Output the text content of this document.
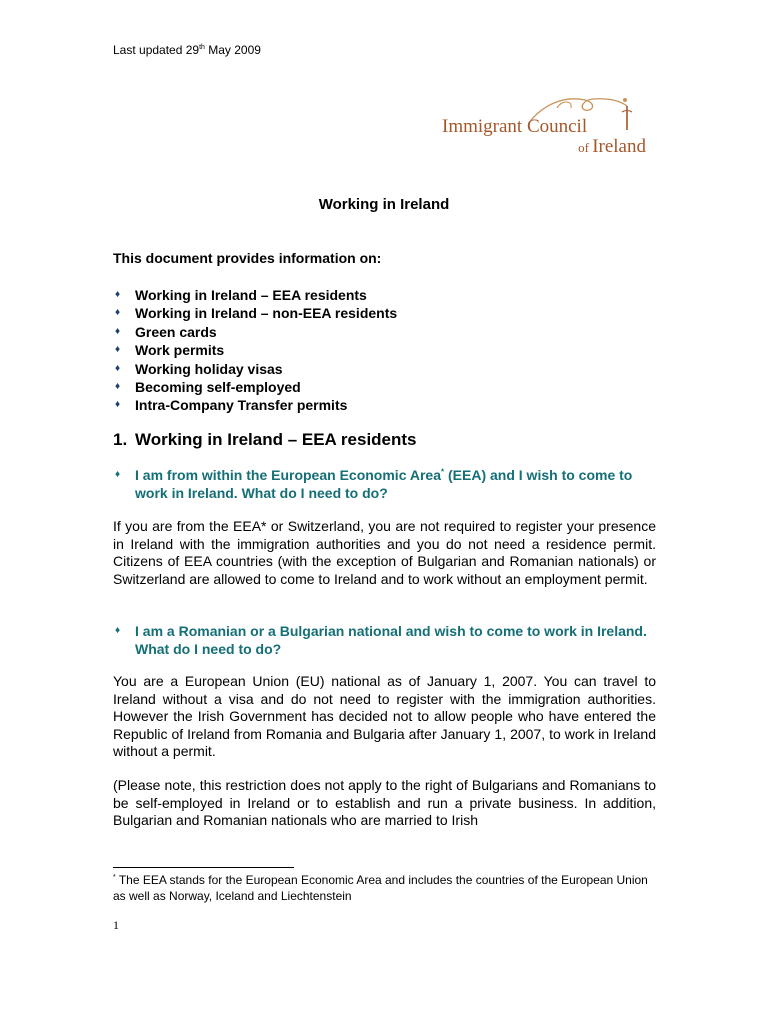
Last updated 29th May 2009
Immigrant Council
of Ireland
Working in Ireland
This document provides information on:
♦ Working in Ireland – EEA residents
♦ Working in Ireland – non-EEA residents
♦ Green cards
♦ Work permits
♦ Working holiday visas
♦ Becoming self-employed
♦ Intra-Company Transfer permits
1. Working in Ireland – EEA residents
♦ I am from within the European Economic Area* (EEA) and I wish to come to work in Ireland. What do I need to do?
If you are from the EEA* or Switzerland, you are not required to register your presence in Ireland with the immigration authorities and you do not need a residence permit. Citizens of EEA countries (with the exception of Bulgarian and Romanian nationals) or Switzerland are allowed to come to Ireland and to work without an employment permit.
♦ I am a Romanian or a Bulgarian national and wish to come to work in Ireland. What do I need to do?
You are a European Union (EU) national as of January 1, 2007. You can travel to Ireland without a visa and do not need to register with the immigration authorities. However the Irish Government has decided not to allow people who have entered the Republic of Ireland from Romania and Bulgaria after January 1, 2007, to work in Ireland without a permit.
(Please note, this restriction does not apply to the right of Bulgarians and Romanians to be self-employed in Ireland or to establish and run a private business. In addition, Bulgarian and Romanian nationals who are married to Irish
* The EEA stands for the European Economic Area and includes the countries of the European Union as well as Norway, Iceland and Liechtenstein
1
